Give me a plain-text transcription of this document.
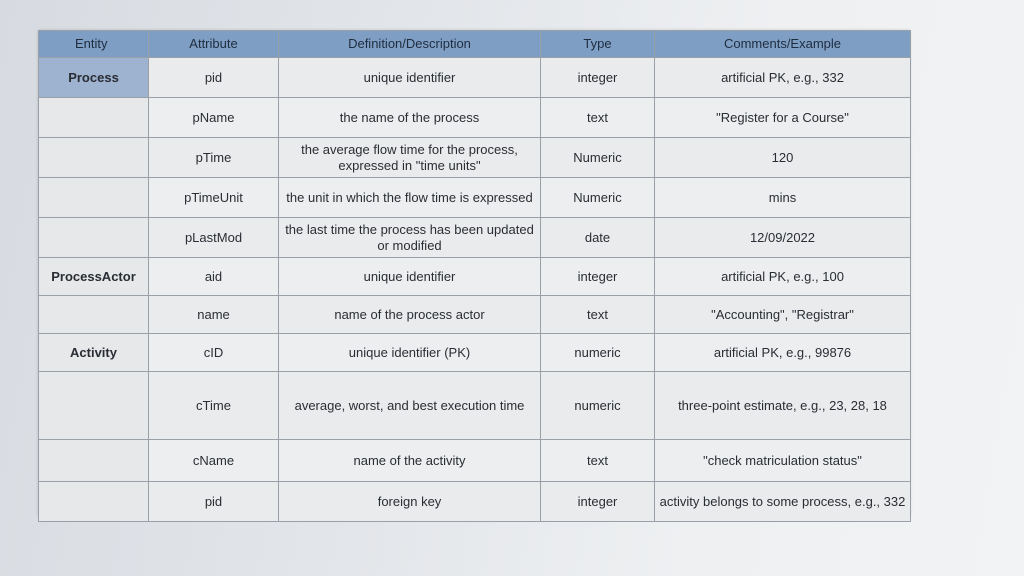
Entity	Attribute	Definition/Description	Type	Comments/Example
Process	pid	unique identifier	integer	artificial PK, e.g., 332
	pName	the name of the process	text	"Register for a Course"
	pTime	the average flow time for the process, expressed in "time units"	Numeric	120
	pTimeUnit	the unit in which the flow time is expressed	Numeric	mins
	pLastMod	the last time the process has been updated or modified	date	12/09/2022
ProcessActor	aid	unique identifier	integer	artificial PK, e.g., 100
	name	name of the process actor	text	"Accounting", "Registrar"
Activity	cID	unique identifier (PK)	numeric	artificial PK, e.g., 99876
	cTime	average, worst, and best execution time	numeric	three-point estimate, e.g., 23, 28, 18
	cName	name of the activity	text	"check matriculation status"
	pid	foreign key	integer	activity belongs to some process, e.g., 332
